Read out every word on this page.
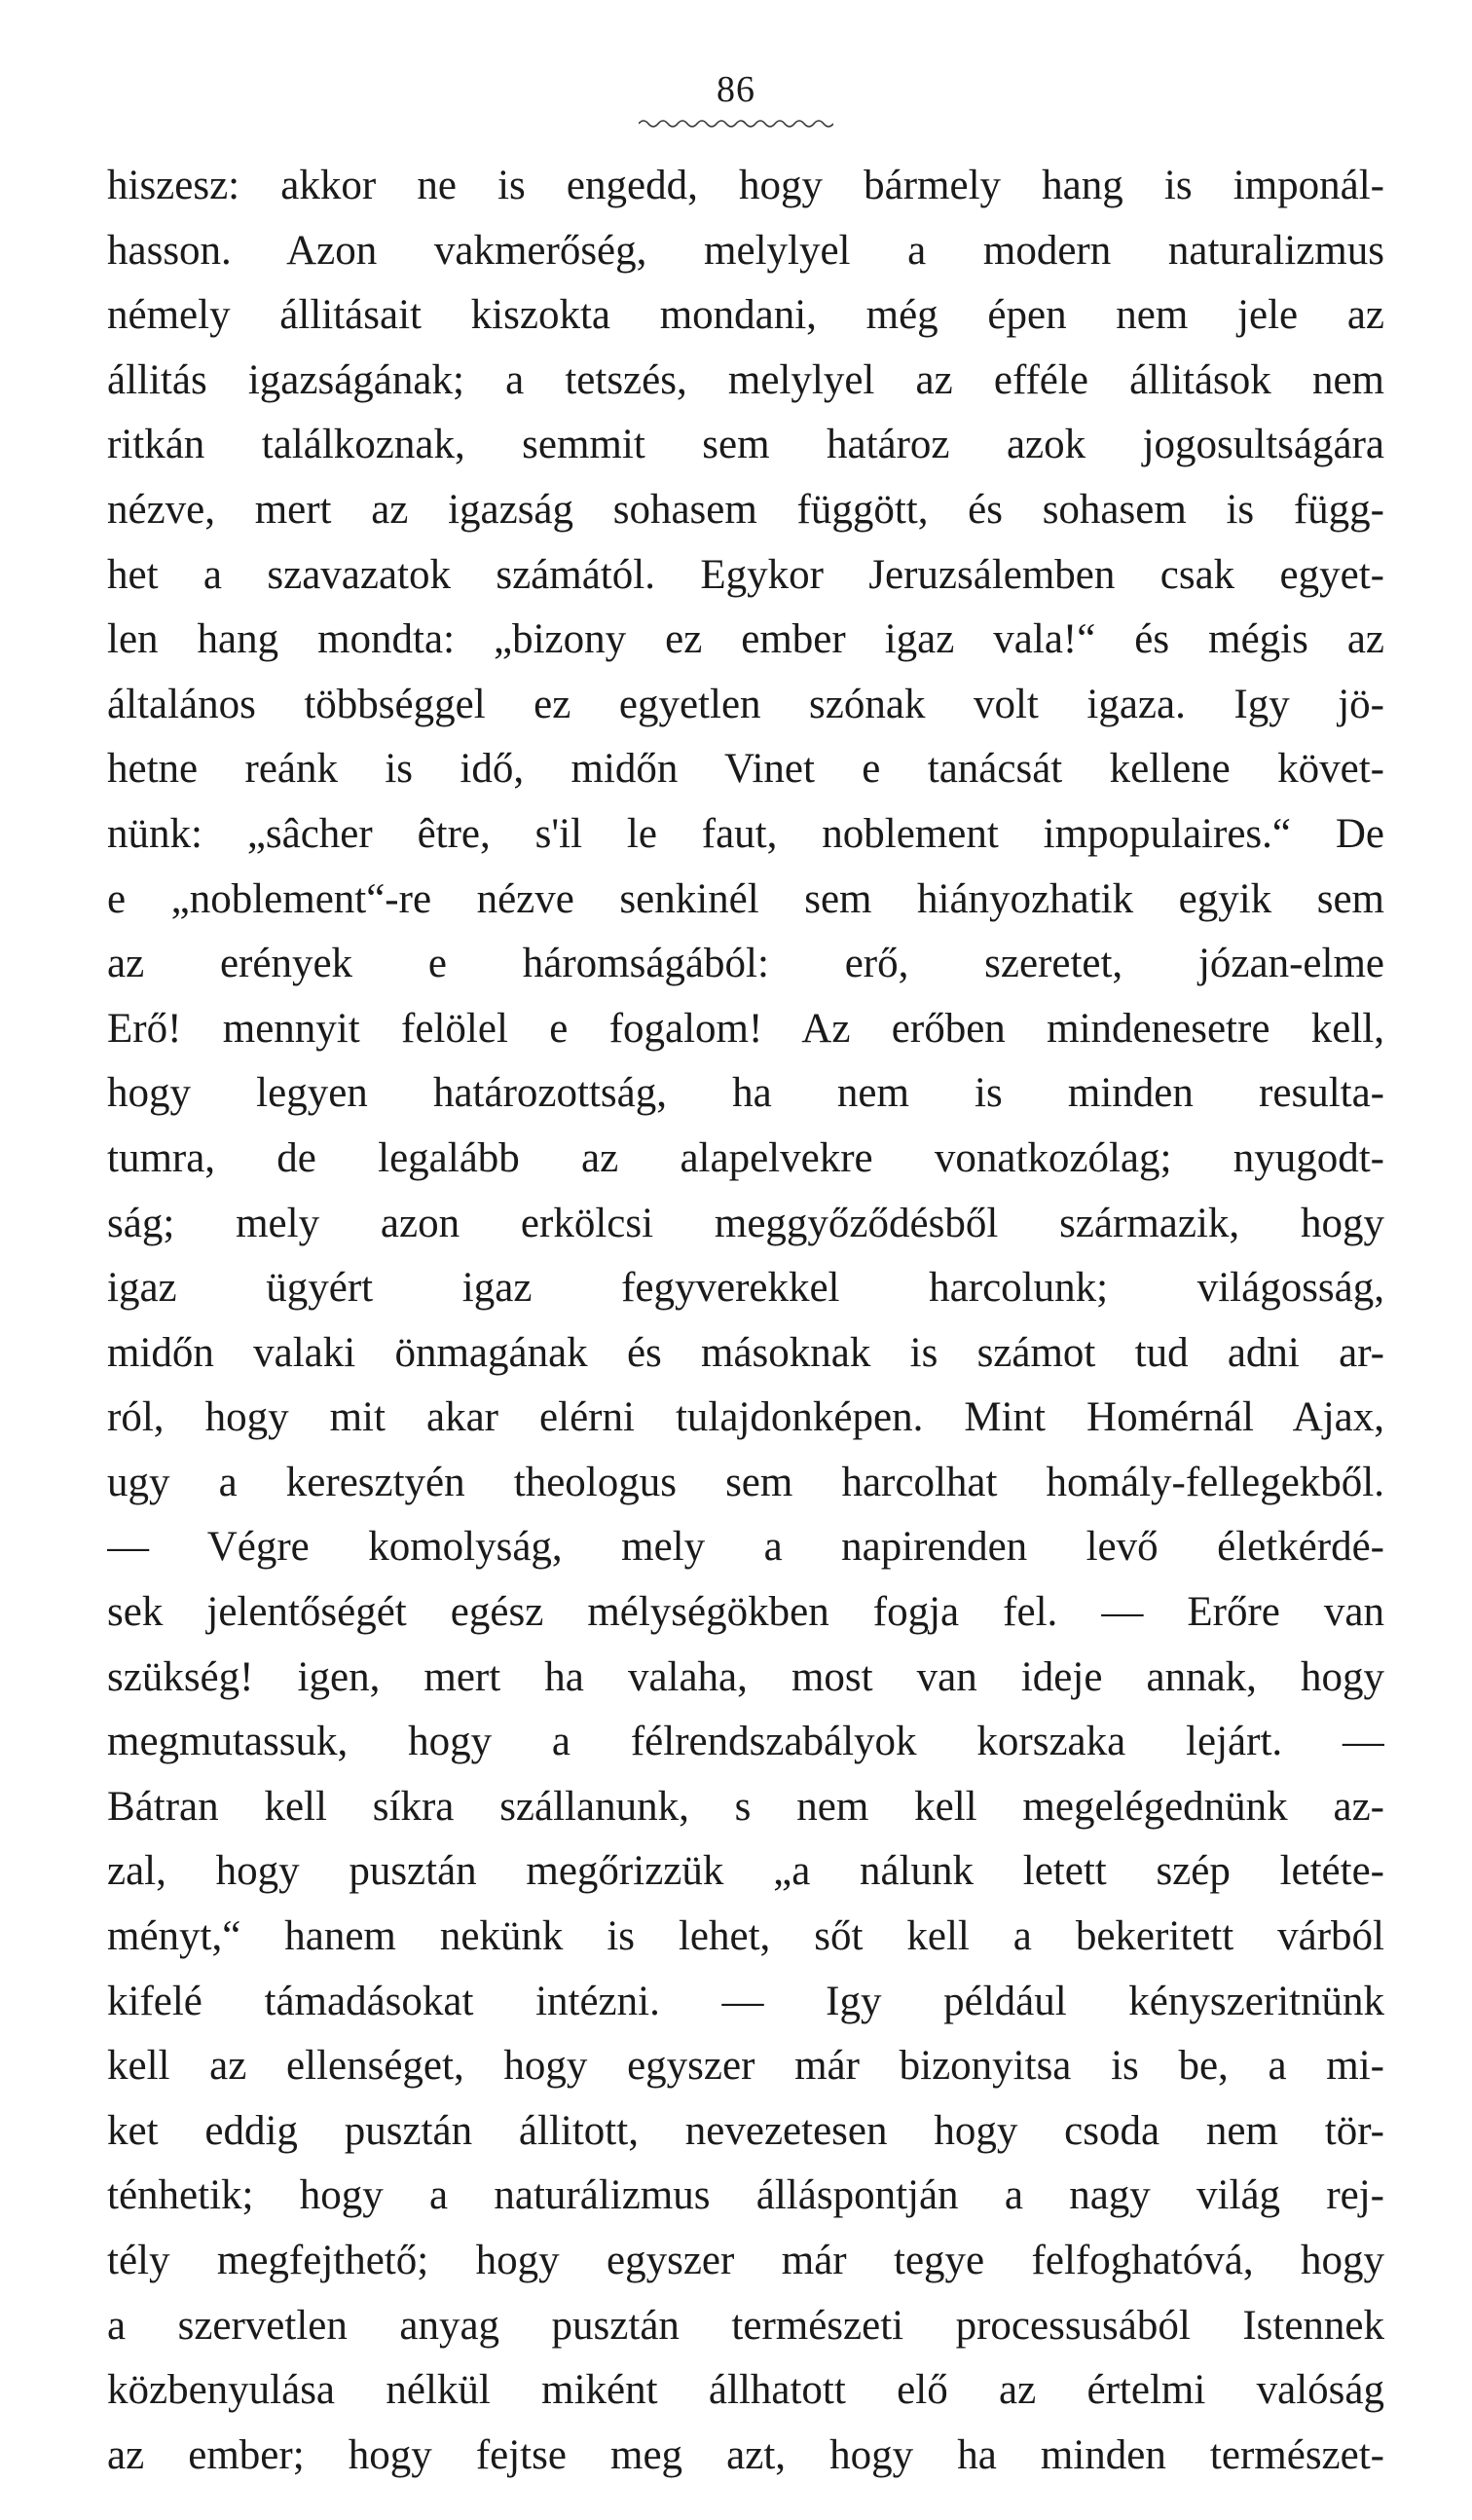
86
hiszesz: akkor ne is engedd, hogy bármely hang is imponál-
hasson. Azon vakmerőség, melylyel a modern naturalizmus
némely állitásait kiszokta mondani, még épen nem jele az
állitás igazságának; a tetszés, melylyel az efféle állitások nem
ritkán találkoznak, semmit sem határoz azok jogosultságára
nézve, mert az igazság sohasem függött, és sohasem is függ-
het a szavazatok számától. Egykor Jeruzsálemben csak egyet-
len hang mondta: „bizony ez ember igaz vala!“ és mégis az
általános többséggel ez egyetlen szónak volt igaza. Igy jö-
hetne reánk is idő, midőn Vinet e tanácsát kellene követ-
nünk: „sâcher être, s'il le faut, noblement impopulaires.“ De
e „noblement“-re nézve senkinél sem hiányozhatik egyik sem
az erények e háromságából: erő, szeretet, józan-elme
Erő! mennyit felölel e fogalom! Az erőben mindenesetre kell,
hogy legyen határozottság, ha nem is minden resulta-
tumra, de legalább az alapelvekre vonatkozólag; nyugodt-
ság; mely azon erkölcsi meggyőződésből származik, hogy
igaz ügyért igaz fegyverekkel harcolunk; világosság,
midőn valaki önmagának és másoknak is számot tud adni ar-
ról, hogy mit akar elérni tulajdonképen. Mint Homérnál Ajax,
ugy a keresztyén theologus sem harcolhat homály-fellegekből.
— Végre komolyság, mely a napirenden levő életkérdé-
sek jelentőségét egész mélységökben fogja fel. — Erőre van
szükség! igen, mert ha valaha, most van ideje annak, hogy
megmutassuk, hogy a félrendszabályok korszaka lejárt. —
Bátran kell síkra szállanunk, s nem kell megelégednünk az-
zal, hogy pusztán megőrizzük „a nálunk letett szép letéte-
ményt,“ hanem nekünk is lehet, sőt kell a bekeritett várból
kifelé támadásokat intézni. — Igy például kényszeritnünk
kell az ellenséget, hogy egyszer már bizonyitsa is be, a mi-
ket eddig pusztán állitott, nevezetesen hogy csoda nem tör-
ténhetik; hogy a naturálizmus álláspontján a nagy világ rej-
tély megfejthető; hogy egyszer már tegye felfoghatóvá, hogy
a szervetlen anyag pusztán természeti processusából Istennek
közbenyulása nélkül miként állhatott elő az értelmi valóság
az ember; hogy fejtse meg azt, hogy ha minden természet-
